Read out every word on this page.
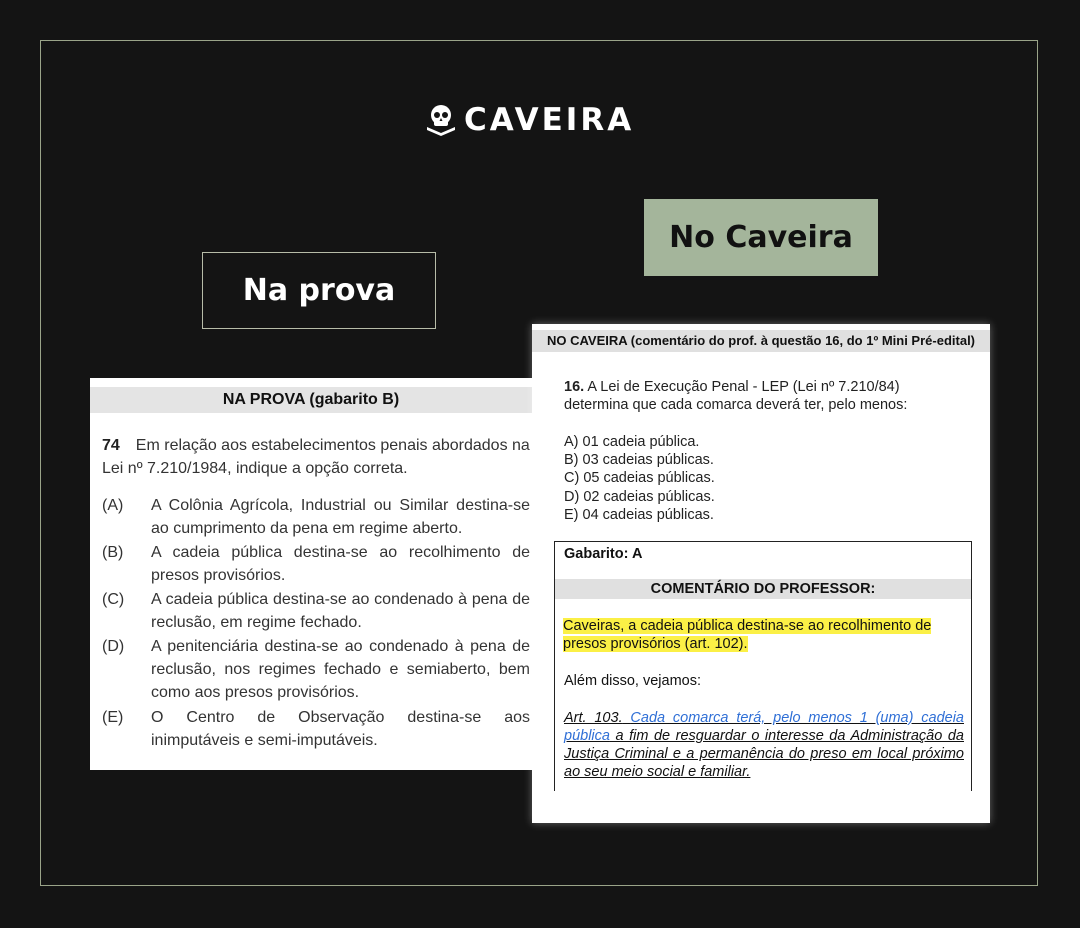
CAVEIRA
Na prova
No Caveira
NA PROVA (gabarito B)
74 Em relação aos estabelecimentos penais abordados na Lei nº 7.210/1984, indique a opção correta.
(A)	A Colônia Agrícola, Industrial ou Similar destina-se ao cumprimento da pena em regime aberto.
(B)	A cadeia pública destina-se ao recolhimento de presos provisórios.
(C)	A cadeia pública destina-se ao condenado à pena de reclusão, em regime fechado.
(D)	A penitenciária destina-se ao condenado à pena de reclusão, nos regimes fechado e semiaberto, bem como aos presos provisórios.
(E)	O Centro de Observação destina-se aos inimputáveis e semi-imputáveis.
NO CAVEIRA (comentário do prof. à questão 16, do 1º Mini Pré-edital)
16. A Lei de Execução Penal - LEP (Lei nº 7.210/84) determina que cada comarca deverá ter, pelo menos:
A) 01 cadeia pública.
B) 03 cadeias públicas.
C) 05 cadeias públicas.
D) 02 cadeias públicas.
E) 04 cadeias públicas.
Gabarito: A
COMENTÁRIO DO PROFESSOR:
Caveiras, a cadeia pública destina-se ao recolhimento de presos provisórios (art. 102).
Além disso, vejamos:
Art. 103. Cada comarca terá, pelo menos 1 (uma) cadeia pública a fim de resguardar o interesse da Administração da Justiça Criminal e a permanência do preso em local próximo ao seu meio social e familiar.
